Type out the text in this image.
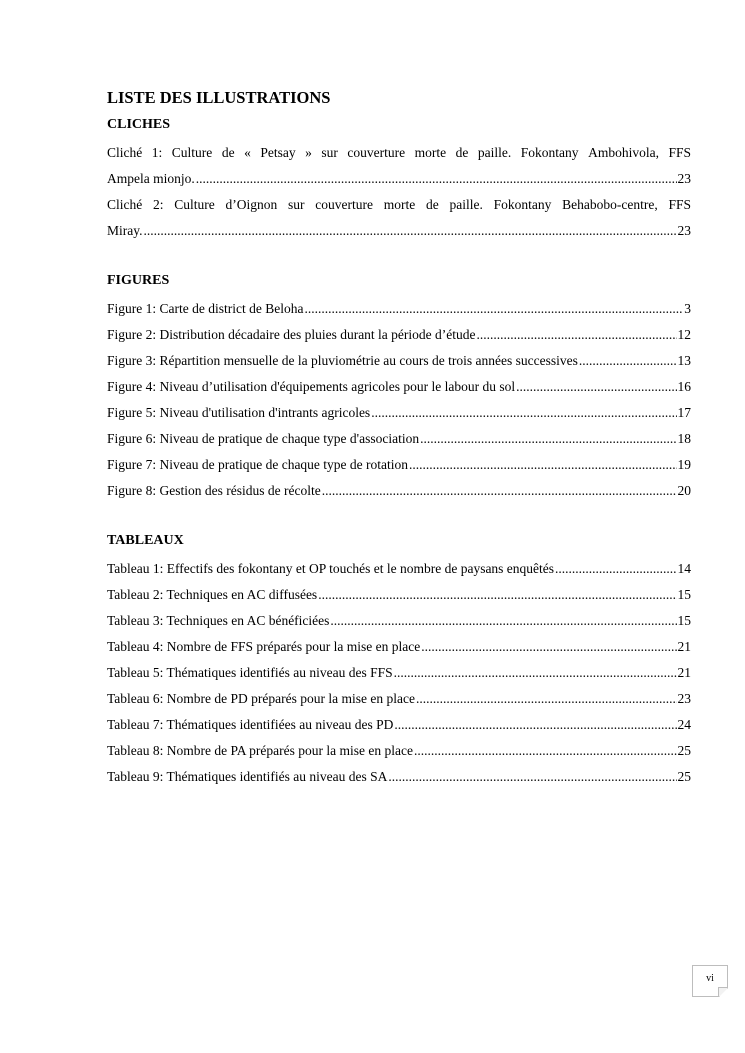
LISTE DES ILLUSTRATIONS
CLICHES
Cliché 1: Culture de « Petsay » sur couverture morte de paille. Fokontany Ambohivola, FFS
Ampela mionjo. .....	23
Cliché 2: Culture d’Oignon sur couverture morte de paille. Fokontany Behabobo-centre, FFS
Miray. .....	23
FIGURES
Figure 1: Carte de district de Beloha .....	3
Figure 2: Distribution décadaire des pluies durant la période d’étude .....	12
Figure 3: Répartition mensuelle de la pluviométrie au cours de trois années successives .....	13
Figure 4: Niveau d’utilisation d'équipements agricoles pour le labour du sol .....	16
Figure 5: Niveau d'utilisation d'intrants agricoles .....	17
Figure 6: Niveau de pratique de chaque type d'association .....	18
Figure 7: Niveau de pratique de chaque type de rotation .....	19
Figure 8: Gestion des résidus de récolte .....	20
TABLEAUX
Tableau 1: Effectifs des fokontany et OP touchés et le nombre de paysans enquêtés .....	14
Tableau 2: Techniques en AC diffusées .....	15
Tableau 3: Techniques en AC bénéficiées .....	15
Tableau 4: Nombre de FFS préparés pour la mise en place .....	21
Tableau 5: Thématiques identifiés au niveau des FFS .....	21
Tableau 6: Nombre de PD préparés pour la mise en place .....	23
Tableau 7: Thématiques identifiées au niveau des PD .....	24
Tableau 8: Nombre de PA préparés pour la mise en place .....	25
Tableau 9: Thématiques identifiés au niveau des SA .....	25
vi
